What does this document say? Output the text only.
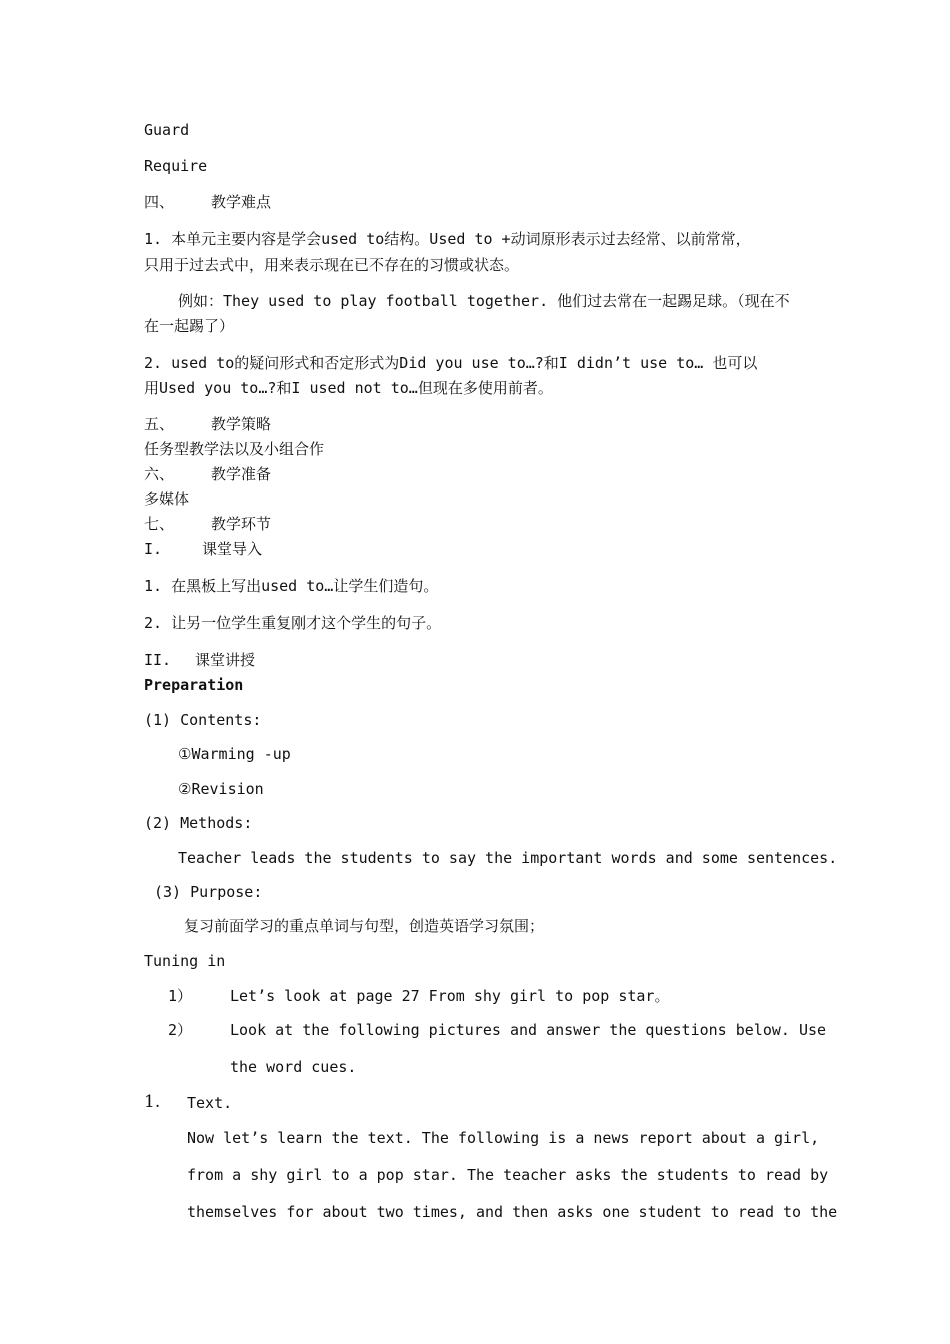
Guard
Require
四、 教学难点
1. 本单元主要内容是学会used to结构。Used to +动词原形表示过去经常、以前常常，
只用于过去式中，用来表示现在已不存在的习惯或状态。
例如：They used to play football together. 他们过去常在一起踢足球。（现在不
在一起踢了）
2. used to的疑问形式和否定形式为Did you use to…?和I didn’t use to… 也可以
用Used you to…?和I used not to…但现在多使用前者。
五、 教学策略
任务型教学法以及小组合作
六、 教学准备
多媒体
七、 教学环节
I.	课堂导入
1. 在黑板上写出used to…让学生们造句。
2. 让另一位学生重复刚才这个学生的句子。
II. 课堂讲授
Preparation
(1) Contents:
①Warming -up
②Revision
(2) Methods:
Teacher leads the students to say the important words and some sentences.
(3) Purpose:
复习前面学习的重点单词与句型，创造英语学习氛围；
Tuning in
1）	Let’s look at page 27 From shy girl to pop star。
2）	Look at the following pictures and answer the questions below. Use
the word cues.
1. Text.
Now let’s learn the text. The following is a news report about a girl,
from a shy girl to a pop star. The teacher asks the students to read by
themselves for about two times, and then asks one student to read to the
